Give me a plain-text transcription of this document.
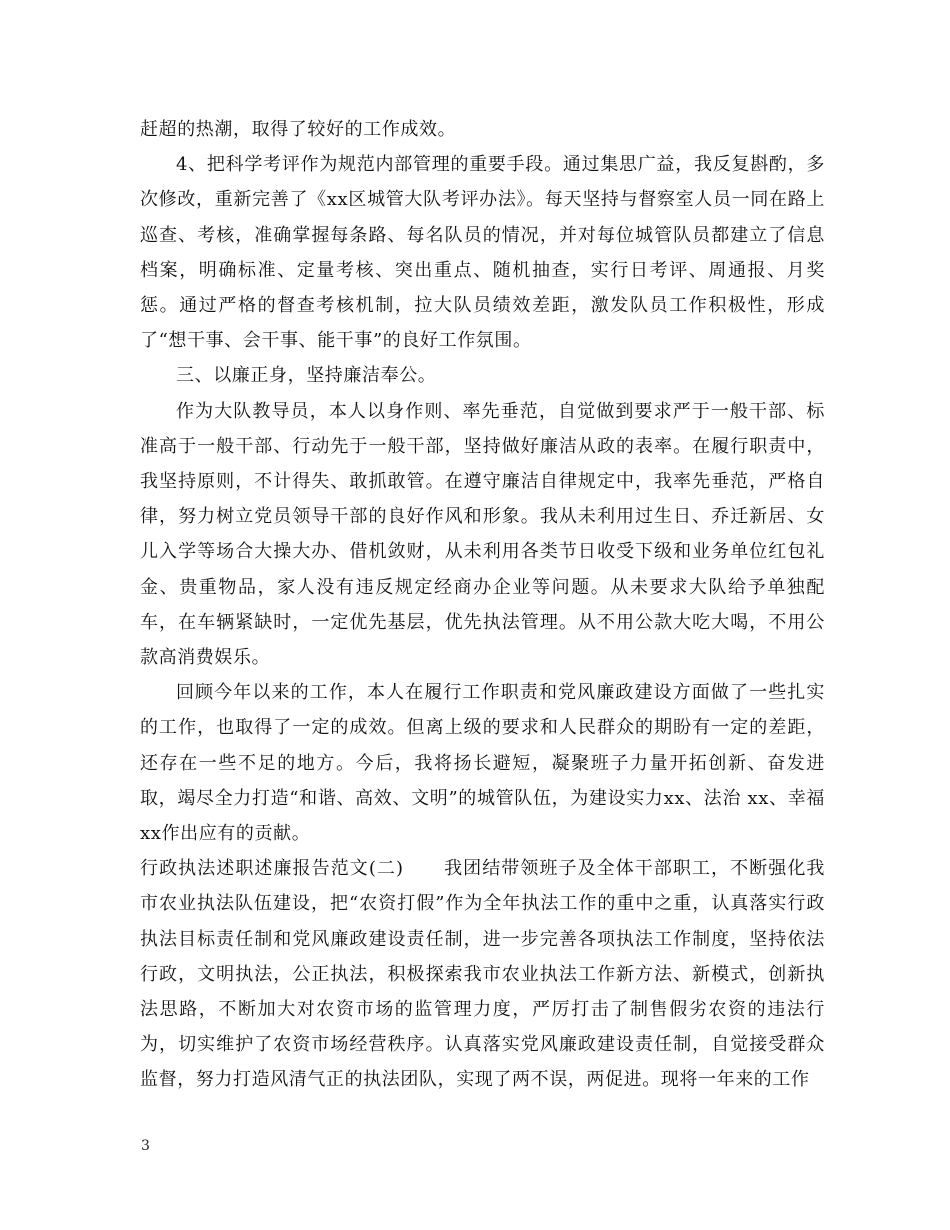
赶超的热潮，取得了较好的工作成效。

4、把科学考评作为规范内部管理的重要手段。通过集思广益，我反复斟酌，多次修改，重新完善了《xx区城管大队考评办法》。每天坚持与督察室人员一同在路上巡查、考核，准确掌握每条路、每名队员的情况，并对每位城管队员都建立了信息档案，明确标准、定量考核、突出重点、随机抽查，实行日考评、周通报、月奖惩。通过严格的督查考核机制，拉大队员绩效差距，激发队员工作积极性，形成了“想干事、会干事、能干事”的良好工作氛围。

三、以廉正身，坚持廉洁奉公。

作为大队教导员，本人以身作则、率先垂范，自觉做到要求严于一般干部、标准高于一般干部、行动先于一般干部，坚持做好廉洁从政的表率。在履行职责中，我坚持原则，不计得失、敢抓敢管。在遵守廉洁自律规定中，我率先垂范，严格自律，努力树立党员领导干部的良好作风和形象。我从未利用过生日、乔迁新居、女儿入学等场合大操大办、借机敛财，从未利用各类节日收受下级和业务单位红包礼金、贵重物品，家人没有违反规定经商办企业等问题。从未要求大队给予单独配车，在车辆紧缺时，一定优先基层，优先执法管理。从不用公款大吃大喝，不用公款高消费娱乐。

回顾今年以来的工作，本人在履行工作职责和党风廉政建设方面做了一些扎实的工作，也取得了一定的成效。但离上级的要求和人民群众的期盼有一定的差距，还存在一些不足的地方。今后，我将扬长避短，凝聚班子力量开拓创新、奋发进取，竭尽全力打造“和谐、高效、文明”的城管队伍，为建设实力xx、法治 xx、幸福xx作出应有的贡献。

行政执法述职述廉报告范文(二) 我团结带领班子及全体干部职工，不断强化我市农业执法队伍建设，把“农资打假”作为全年执法工作的重中之重，认真落实行政执法目标责任制和党风廉政建设责任制，进一步完善各项执法工作制度，坚持依法行政，文明执法，公正执法，积极探索我市农业执法工作新方法、新模式，创新执法思路，不断加大对农资市场的监管理力度，严厉打击了制售假劣农资的违法行为，切实维护了农资市场经营秩序。认真落实党风廉政建设责任制，自觉接受群众监督，努力打造风清气正的执法团队，实现了两不误，两促进。现将一年来的工作

3
